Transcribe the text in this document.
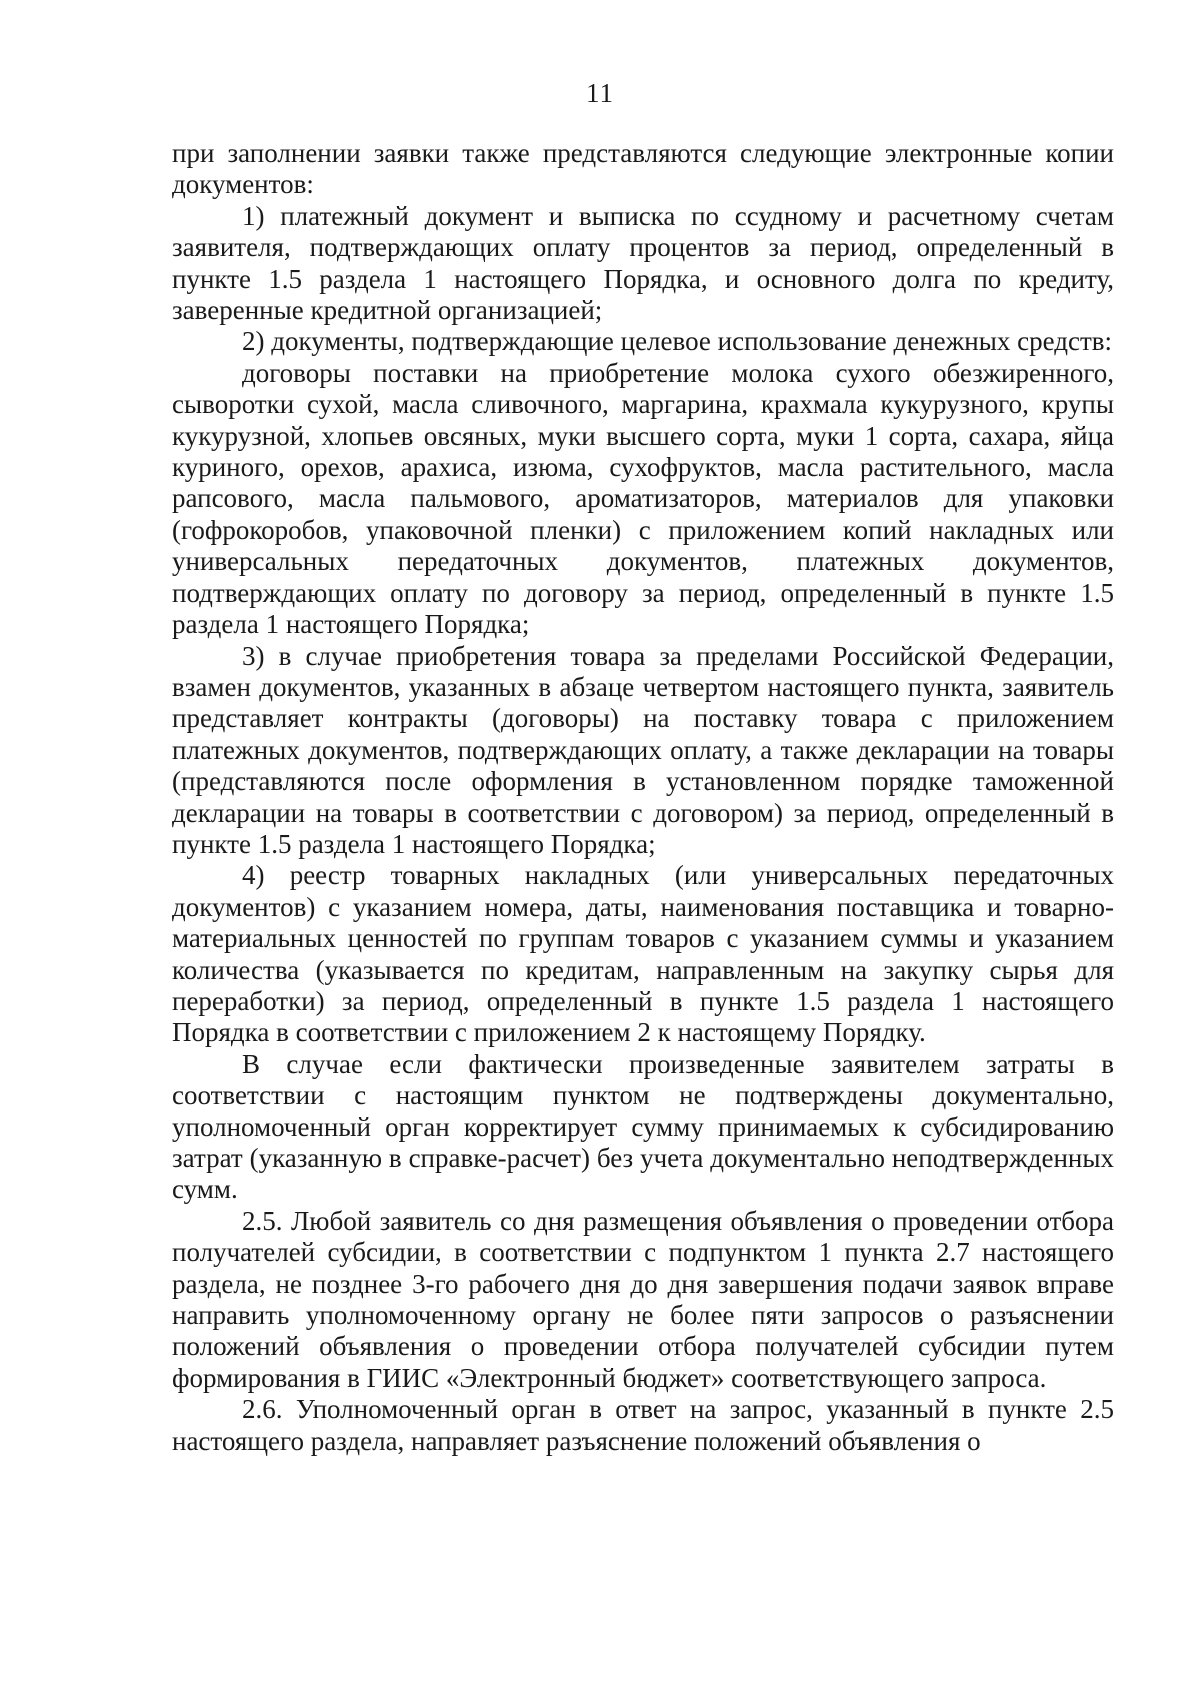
11

при заполнении заявки также представляются следующие электронные копии документов:

1) платежный документ и выписка по ссудному и расчетному счетам заявителя, подтверждающих оплату процентов за период, определенный в пункте 1.5 раздела 1 настоящего Порядка, и основного долга по кредиту, заверенные кредитной организацией;

2) документы, подтверждающие целевое использование денежных средств:

договоры поставки на приобретение молока сухого обезжиренного, сыворотки сухой, масла сливочного, маргарина, крахмала кукурузного, крупы кукурузной, хлопьев овсяных, муки высшего сорта, муки 1 сорта, сахара, яйца куриного, орехов, арахиса, изюма, сухофруктов, масла растительного, масла рапсового, масла пальмового, ароматизаторов, материалов для упаковки (гофрокоробов, упаковочной пленки) с приложением копий накладных или универсальных передаточных документов, платежных документов, подтверждающих оплату по договору за период, определенный в пункте 1.5 раздела 1 настоящего Порядка;

3) в случае приобретения товара за пределами Российской Федерации, взамен документов, указанных в абзаце четвертом настоящего пункта, заявитель представляет контракты (договоры) на поставку товара с приложением платежных документов, подтверждающих оплату, а также декларации на товары (представляются после оформления в установленном порядке таможенной декларации на товары в соответствии с договором) за период, определенный в пункте 1.5 раздела 1 настоящего Порядка;

4) реестр товарных накладных (или универсальных передаточных документов) с указанием номера, даты, наименования поставщика и товарно-материальных ценностей по группам товаров с указанием суммы и указанием количества (указывается по кредитам, направленным на закупку сырья для переработки) за период, определенный в пункте 1.5 раздела 1 настоящего Порядка в соответствии с приложением 2 к настоящему Порядку.

В случае если фактически произведенные заявителем затраты в соответствии с настоящим пунктом не подтверждены документально, уполномоченный орган корректирует сумму принимаемых к субсидированию затрат (указанную в справке-расчет) без учета документально неподтвержденных сумм.

2.5. Любой заявитель со дня размещения объявления о проведении отбора получателей субсидии, в соответствии с подпунктом 1 пункта 2.7 настоящего раздела, не позднее 3-го рабочего дня до дня завершения подачи заявок вправе направить уполномоченному органу не более пяти запросов о разъяснении положений объявления о проведении отбора получателей субсидии путем формирования в ГИИС «Электронный бюджет» соответствующего запроса.

2.6. Уполномоченный орган в ответ на запрос, указанный в пункте 2.5 настоящего раздела, направляет разъяснение положений объявления о
